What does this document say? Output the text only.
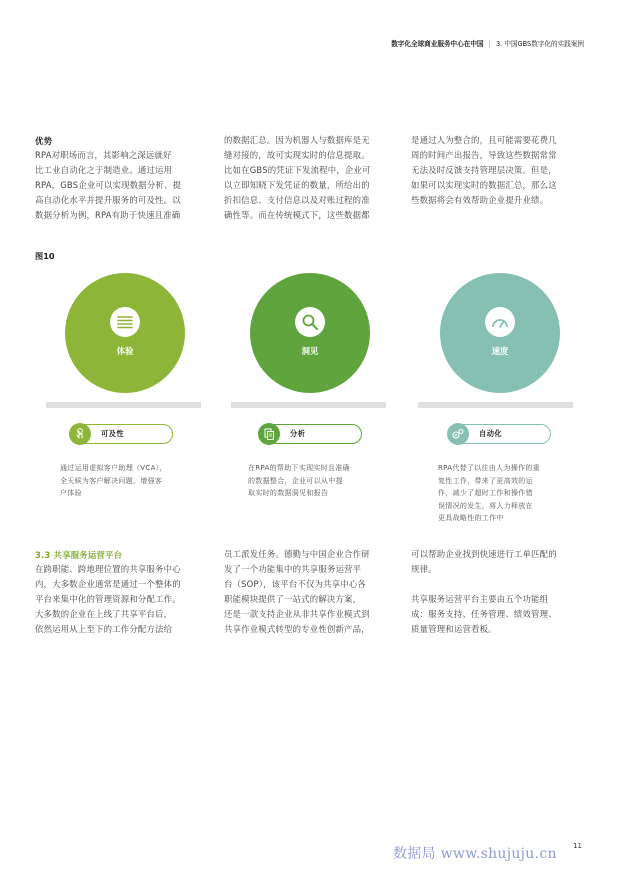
数字化全球商业服务中心在中国 | 3. 中国GBS数字化的实践案例
优势

RPA对职场而言，其影响之深远就好

比工业自动化之于制造业。通过运用

RPA，GBS企业可以实现数据分析、提

高自动化水平并提升服务的可及性。以

数据分析为例，RPA有助于快速且准确

的数据汇总。因为机器人与数据库是无

缝对接的，故可实现实时的信息提取。

比如在GBS的凭证下发流程中，企业可

以立即知晓下发凭证的数量，所给出的

折扣信息、支付信息以及对账过程的准

确性等。而在传统模式下，这些数据都

是通过人为整合的，且可能需要花费几

周的时间产出报告，导致这些数据常常

无法及时反馈支持管理层决策。但是，

如果可以实现实时的数据汇总，那么这

些数据将会有效帮助企业提升业绩。

图10
体验	洞见	速度
可及性	分析	自动化
通过运用虚拟客户助理（VCA），
全天候为客户解决问题，增强客
户体验
在RPA的帮助下实现实时且准确
的数据整合，企业可以从中提
取实时的数据洞见和报告
RPA代替了以往由人为操作的重
复性工作，带来了更高效的运
作，减少了超时工作和操作错
误情况的发生，将人力释放在
更具战略性的工作中
3.3 共享服务运营平台

在跨职能、跨地理位置的共享服务中心

内，大多数企业通常是通过一个整体的

平台来集中化的管理资源和分配工作。

大多数的企业在上线了共享平台后，

依然运用从上至下的工作分配方法给

员工派发任务。德勤与中国企业合作研

发了一个功能集中的共享服务运营平

台（SOP），该平台不仅为共享中心各

职能模块提供了一站式的解决方案，

还是一款支持企业从非共享作业模式到

共享作业模式转型的专业性创新产品，

可以帮助企业找到快速进行工单匹配的

规律。

共享服务运营平台主要由五个功能组

成：服务支持、任务管理、绩效管理、

质量管理和运营看板。

11
数据局 www.shujuju.cn
